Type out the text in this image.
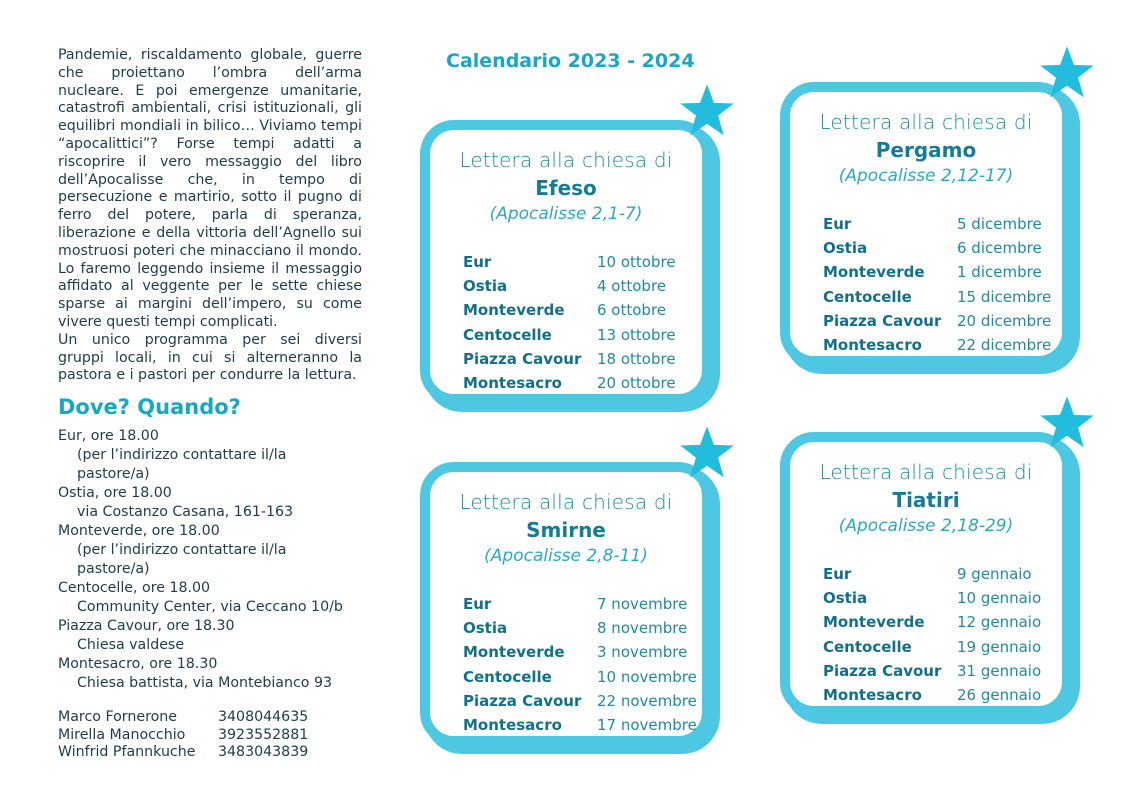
Pandemie, riscaldamento globale, guerre che proiettano l’ombra dell’arma nucleare. E poi emergenze umanitarie, catastrofi ambientali, crisi istituzionali, gli equilibri mondiali in bilico… Viviamo tempi “apocalittici”? Forse tempi adatti a riscoprire il vero messaggio del libro dell’Apocalisse che, in tempo di persecuzione e martirio, sotto il pugno di ferro del potere, parla di speranza, liberazione e della vittoria dell’Agnello sui mostruosi poteri che minacciano il mondo. Lo faremo leggendo insieme il messaggio affidato al veggente per le sette chiese sparse ai margini dell’impero, su come vivere questi tempi complicati.

Un unico programma per sei diversi gruppi locali, in cui si alterneranno la pastora e i pastori per condurre la lettura.

Dove? Quando?
Eur, ore 18.00
(per l’indirizzo contattare il/la pastore/a)
Ostia, ore 18.00
via Costanzo Casana, 161-163
Monteverde, ore 18.00
(per l’indirizzo contattare il/la pastore/a)
Centocelle, ore 18.00
Community Center, via Ceccano 10/b
Piazza Cavour, ore 18.30
Chiesa valdese
Montesacro, ore 18.30
Chiesa battista, via Montebianco 93
Marco Fornerone	3408044635
Mirella Manocchio	3923552881
Winfrid Pfannkuche	3483043839
Calendario 2023 - 2024
Lettera alla chiesa di
Efeso
(Apocalisse 2,1-7)
Eur	10 ottobre
Ostia	4 ottobre
Monteverde	6 ottobre
Centocelle	13 ottobre
Piazza Cavour	18 ottobre
Montesacro	20 ottobre
Lettera alla chiesa di
Pergamo
(Apocalisse 2,12-17)
Eur	5 dicembre
Ostia	6 dicembre
Monteverde	1 dicembre
Centocelle	15 dicembre
Piazza Cavour	20 dicembre
Montesacro	22 dicembre
Lettera alla chiesa di
Smirne
(Apocalisse 2,8-11)
Eur	7 novembre
Ostia	8 novembre
Monteverde	3 novembre
Centocelle	10 novembre
Piazza Cavour	22 novembre
Montesacro	17 novembre
Lettera alla chiesa di
Tiatiri
(Apocalisse 2,18-29)
Eur	9 gennaio
Ostia	10 gennaio
Monteverde	12 gennaio
Centocelle	19 gennaio
Piazza Cavour	31 gennaio
Montesacro	26 gennaio
